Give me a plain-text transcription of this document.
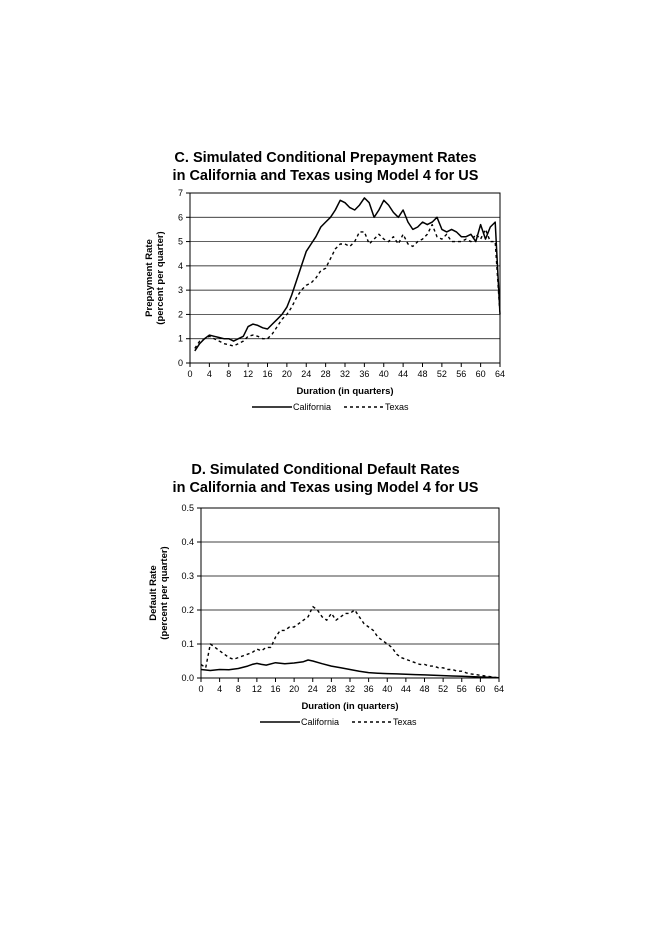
C. Simulated Conditional Prepayment Rates
in California and Texas using Model 4 for US
0
1
2
3
4
5
6
7
0 4 8 12 16 20 24 28 32 36 40 44 48 52 56 60 64
Duration (in quarters)
Prepayment Rate (percent per quarter)
California	Texas
D. Simulated Conditional Default Rates
in California and Texas using Model 4 for US
0.0
0.1
0.2
0.3
0.4
0.5
0 4 8 12 16 20 24 28 32 36 40 44 48 52 56 60 64
Duration (in quarters)
Default Rate (percent per quarter)
California	Texas
